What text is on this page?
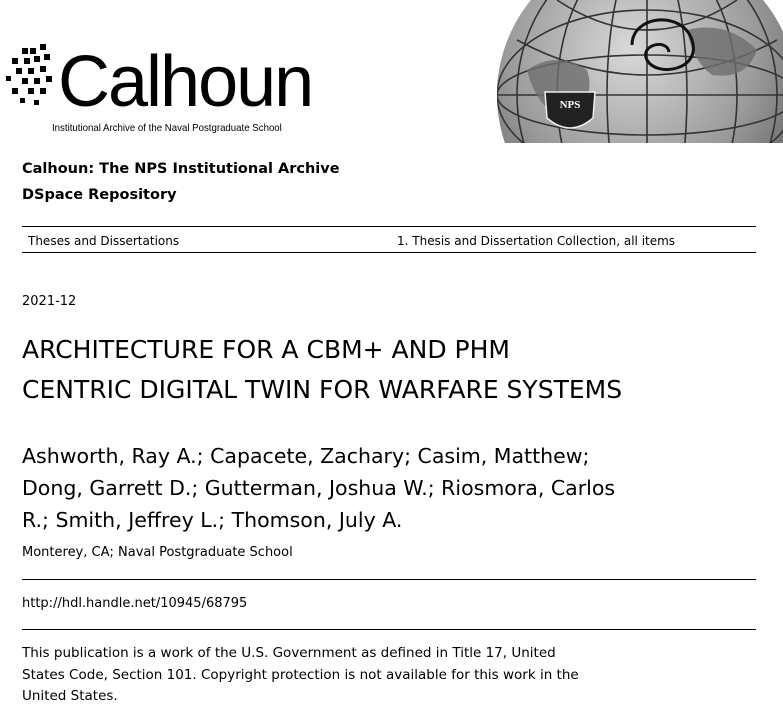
Calhoun
Institutional Archive of the Naval Postgraduate School
NPS
Calhoun: The NPS Institutional Archive
DSpace Repository
Theses and Dissertations	1. Thesis and Dissertation Collection, all items
2021-12
ARCHITECTURE FOR A CBM+ AND PHM
CENTRIC DIGITAL TWIN FOR WARFARE SYSTEMS
Ashworth, Ray A.; Capacete, Zachary; Casim, Matthew;
Dong, Garrett D.; Gutterman, Joshua W.; Riosmora, Carlos
R.; Smith, Jeffrey L.; Thomson, July A.
Monterey, CA; Naval Postgraduate School
http://hdl.handle.net/10945/68795
This publication is a work of the U.S. Government as defined in Title 17, United
States Code, Section 101. Copyright protection is not available for this work in the
United States.
